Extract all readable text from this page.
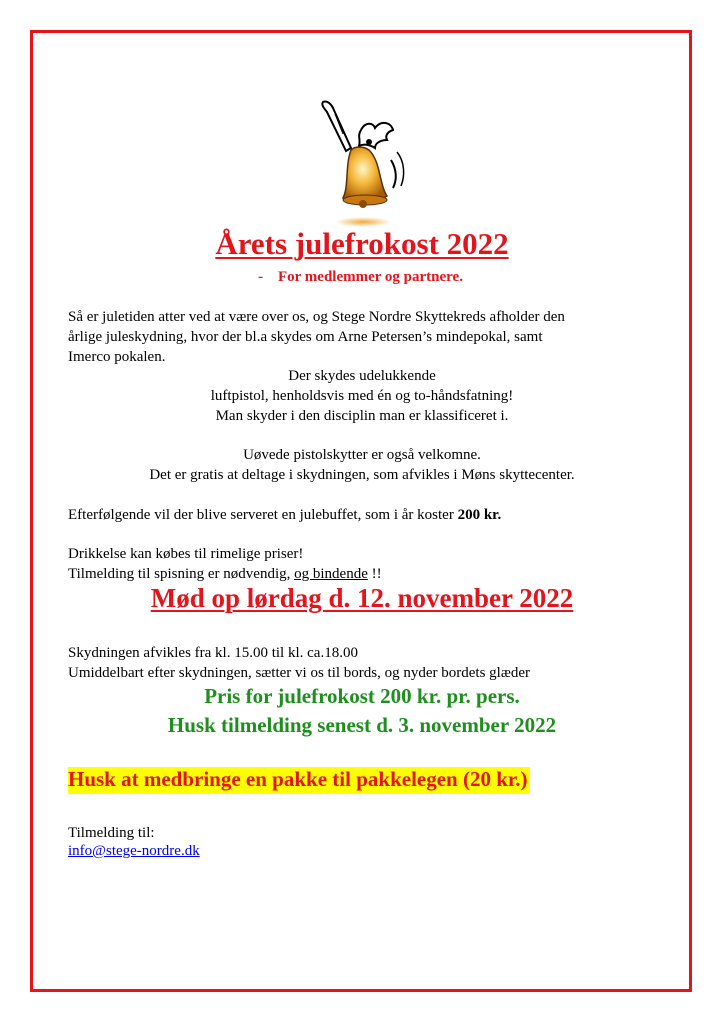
Årets julefrokost 2022
- For medlemmer og partnere.
Så er juletiden atter ved at være over os, og Stege Nordre Skyttekreds afholder den
årlige juleskydning, hvor der bl.a skydes om Arne Petersen’s mindepokal, samt
Imerco pokalen.
Der skydes udelukkende
luftpistol, henholdsvis med én og to-håndsfatning!
Man skyder i den disciplin man er klassificeret i.
Uøvede pistolskytter er også velkomne.
Det er gratis at deltage i skydningen, som afvikles i Møns skyttecenter.
Efterfølgende vil der blive serveret en julebuffet, som i år koster 200 kr.
Drikkelse kan købes til rimelige priser!
Tilmelding til spisning er nødvendig, og bindende !!
Mød op lørdag d. 12. november 2022
Skydningen afvikles fra kl. 15.00 til kl. ca.18.00
Umiddelbart efter skydningen, sætter vi os til bords, og nyder bordets glæder
Pris for julefrokost 200 kr. pr. pers.
Husk tilmelding senest d. 3. november 2022
Husk at medbringe en pakke til pakkelegen (20 kr.)
Tilmelding til:
info@stege-nordre.dk
